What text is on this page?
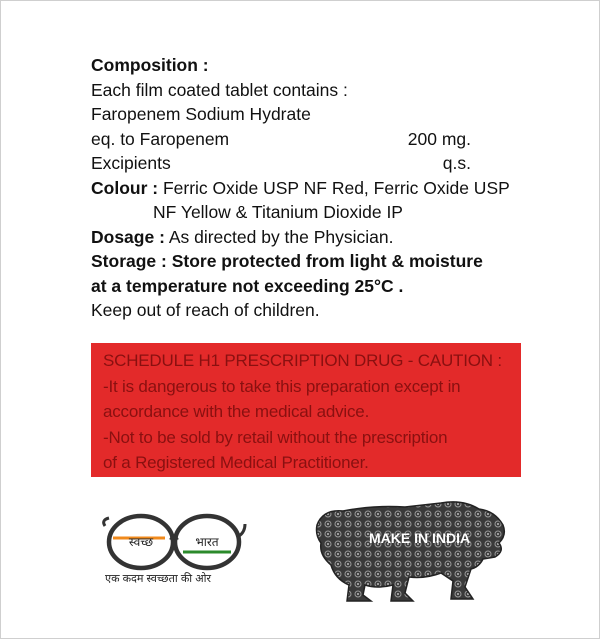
Composition :
Each film coated tablet contains :
Faropenem Sodium Hydrate
eq. to Faropenem	200 mg.
Excipients	q.s.
Colour : Ferric Oxide USP NF Red, Ferric Oxide USP
NF Yellow & Titanium Dioxide IP
Dosage : As directed by the Physician.
Storage : Store protected from light & moisture
at a temperature not exceeding 25°C .
Keep out of reach of children.
SCHEDULE H1 PRESCRIPTION DRUG - CAUTION :
-It is dangerous to take this preparation except in
accordance with the medical advice.
-Not to be sold by retail without the prescription
of a Registered Medical Practitioner.
स्वच्छ	भारत
एक कदम स्वच्छता की ओर
MAKE IN INDIA
